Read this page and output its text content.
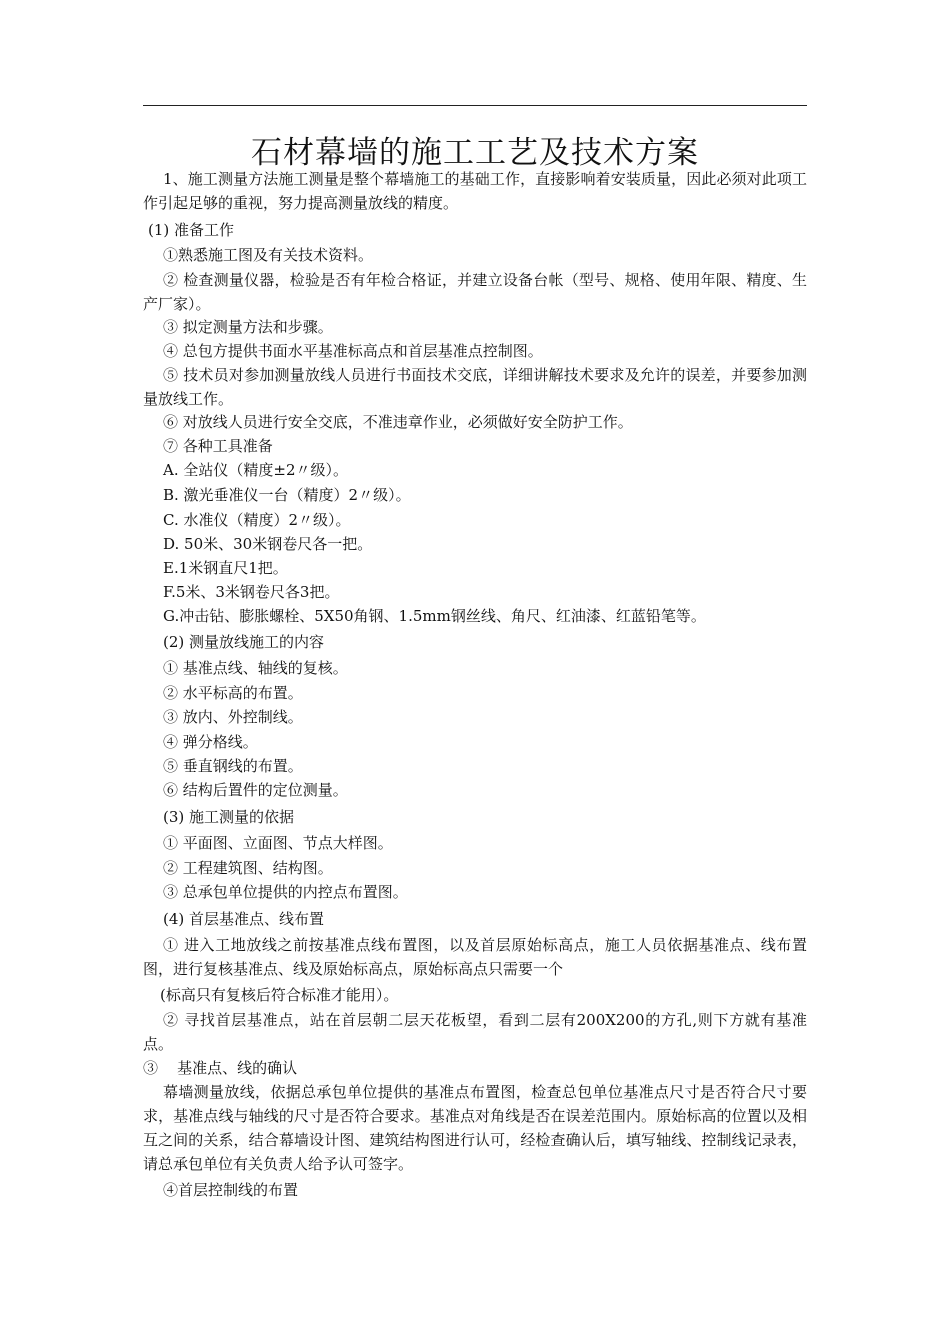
石材幕墙的施工工艺及技术方案
1、施工测量方法施工测量是整个幕墙施工的基础工作，直接影响着安装质量，因此必须对此项工作引起足够的重视，努力提高测量放线的精度。
(1) 准备工作
①熟悉施工图及有关技术资料。
② 检查测量仪器，检验是否有年检合格证，并建立设备台帐（型号、规格、使用年限、精度、生产厂家）。
③ 拟定测量方法和步骤。
④ 总包方提供书面水平基准标高点和首层基准点控制图。
⑤ 技术员对参加测量放线人员进行书面技术交底，详细讲解技术要求及允许的误差，并要参加测量放线工作。
⑥ 对放线人员进行安全交底，不准违章作业，必须做好安全防护工作。
⑦ 各种工具准备
A. 全站仪（精度±2〃级）。
B. 激光垂准仪一台（精度）2〃级）。
C. 水准仪（精度）2〃级）。
D. 50米、30米钢卷尺各一把。
E.1米钢直尺1把。
F.5米、3米钢卷尺各3把。
G.冲击钻、膨胀螺栓、5X50角钢、1.5mm钢丝线、角尺、红油漆、红蓝铅笔等。
(2) 测量放线施工的内容
① 基准点线、轴线的复核。
② 水平标高的布置。
③ 放内、外控制线。
④ 弹分格线。
⑤ 垂直钢线的布置。
⑥ 结构后置件的定位测量。
(3) 施工测量的依据
① 平面图、立面图、节点大样图。
② 工程建筑图、结构图。
③ 总承包单位提供的内控点布置图。
(4) 首层基准点、线布置
① 进入工地放线之前按基准点线布置图，以及首层原始标高点，施工人员依据基准点、线布置图，进行复核基准点、线及原始标高点，原始标高点只需要一个
(标高只有复核后符合标准才能用）。
② 寻找首层基准点，站在首层朝二层天花板望，看到二层有200X200的方孔,则下方就有基准点。
③    基准点、线的确认
幕墙测量放线，依据总承包单位提供的基准点布置图，检查总包单位基准点尺寸是否符合尺寸要求，基准点线与轴线的尺寸是否符合要求。基准点对角线是否在误差范围内。原始标高的位置以及相互之间的关系，结合幕墙设计图、建筑结构图进行认可，经检查确认后，填写轴线、控制线记录表，请总承包单位有关负责人给予认可签字。
④首层控制线的布置
